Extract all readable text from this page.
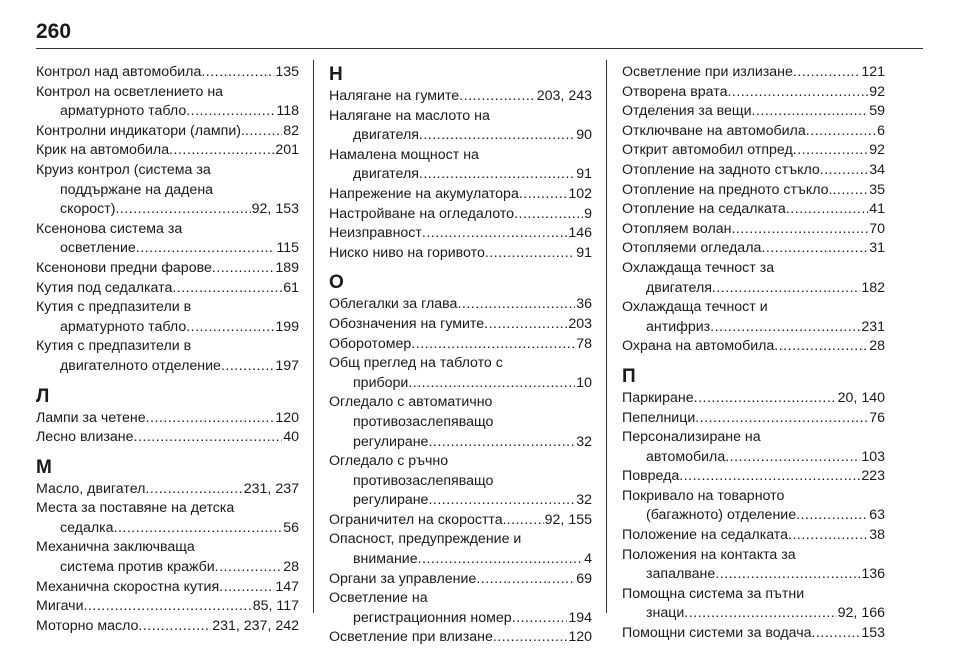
260
Контрол над автомобила .....	135
Контрол на осветлението на
арматурното табло .....	118
Контролни индикатори (лампи). .....	82
Крик на автомобила .....	201
Круиз контрол (система за
поддържане на дадена
скорост) .....	92, 153
Ксенонова система за
осветление .....	115
Ксенонови предни фарове .....	189
Кутия под седалката .....	61
Кутия с предпазители в
арматурното табло .....	199
Кутия с предпазители в
двигателното отделение .....	197
Л
Лампи за четене .....	120
Лесно влизане .....	40
М
Масло, двигател .....	231, 237
Места за поставяне на детска
седалка .....	56
Механична заключваща
система против кражби .....	28
Механична скоростна кутия .....	147
Мигачи .....	85, 117
Моторно масло .....	231, 237, 242
Н
Налягане на гумите .....	203, 243
Налягане на маслото на
двигателя .....	90
Намалена мощност на
двигателя .....	91
Напрежение на акумулатора .....	102
Настройване на огледалото .....	9
Неизправност .....	146
Ниско ниво на горивото .....	91
О
Облегалки за глава .....	36
Обозначения на гумите .....	203
Оборотомер .....	78
Общ преглед на таблото с
прибори .....	10
Огледало с автоматично
противозаслепяващо
регулиране .....	32
Огледало с ръчно
противозаслепяващо
регулиране .....	32
Ограничител на скоростта. .....	92, 155
Опасност, предупреждение и
внимание .....	4
Органи за управление .....	69
Осветление на
регистрационния номер .....	194
Осветление при влизане .....	120
Осветление при излизане .....	121
Отворена врата .....	92
Отделения за вещи .....	59
Отключване на автомобила .....	6
Открит автомобил отпред .....	92
Отопление на задното стъкло .....	34
Отопление на предното стъкло. .....	35
Отопление на седалката .....	41
Отопляем волан .....	70
Отопляеми огледала .....	31
Охлаждаща течност за
двигателя .....	182
Охлаждаща течност и
антифриз .....	231
Охрана на автомобила .....	28
П
Паркиране .....	20, 140
Пепелници .....	76
Персонализиране на
автомобила .....	103
Повреда .....	223
Покривало на товарното
(багажното) отделение .....	63
Положение на седалката .....	38
Положения на контакта за
запалване .....	136
Помощна система за пътни
знаци .....	92, 166
Помощни системи за водача .....	153
